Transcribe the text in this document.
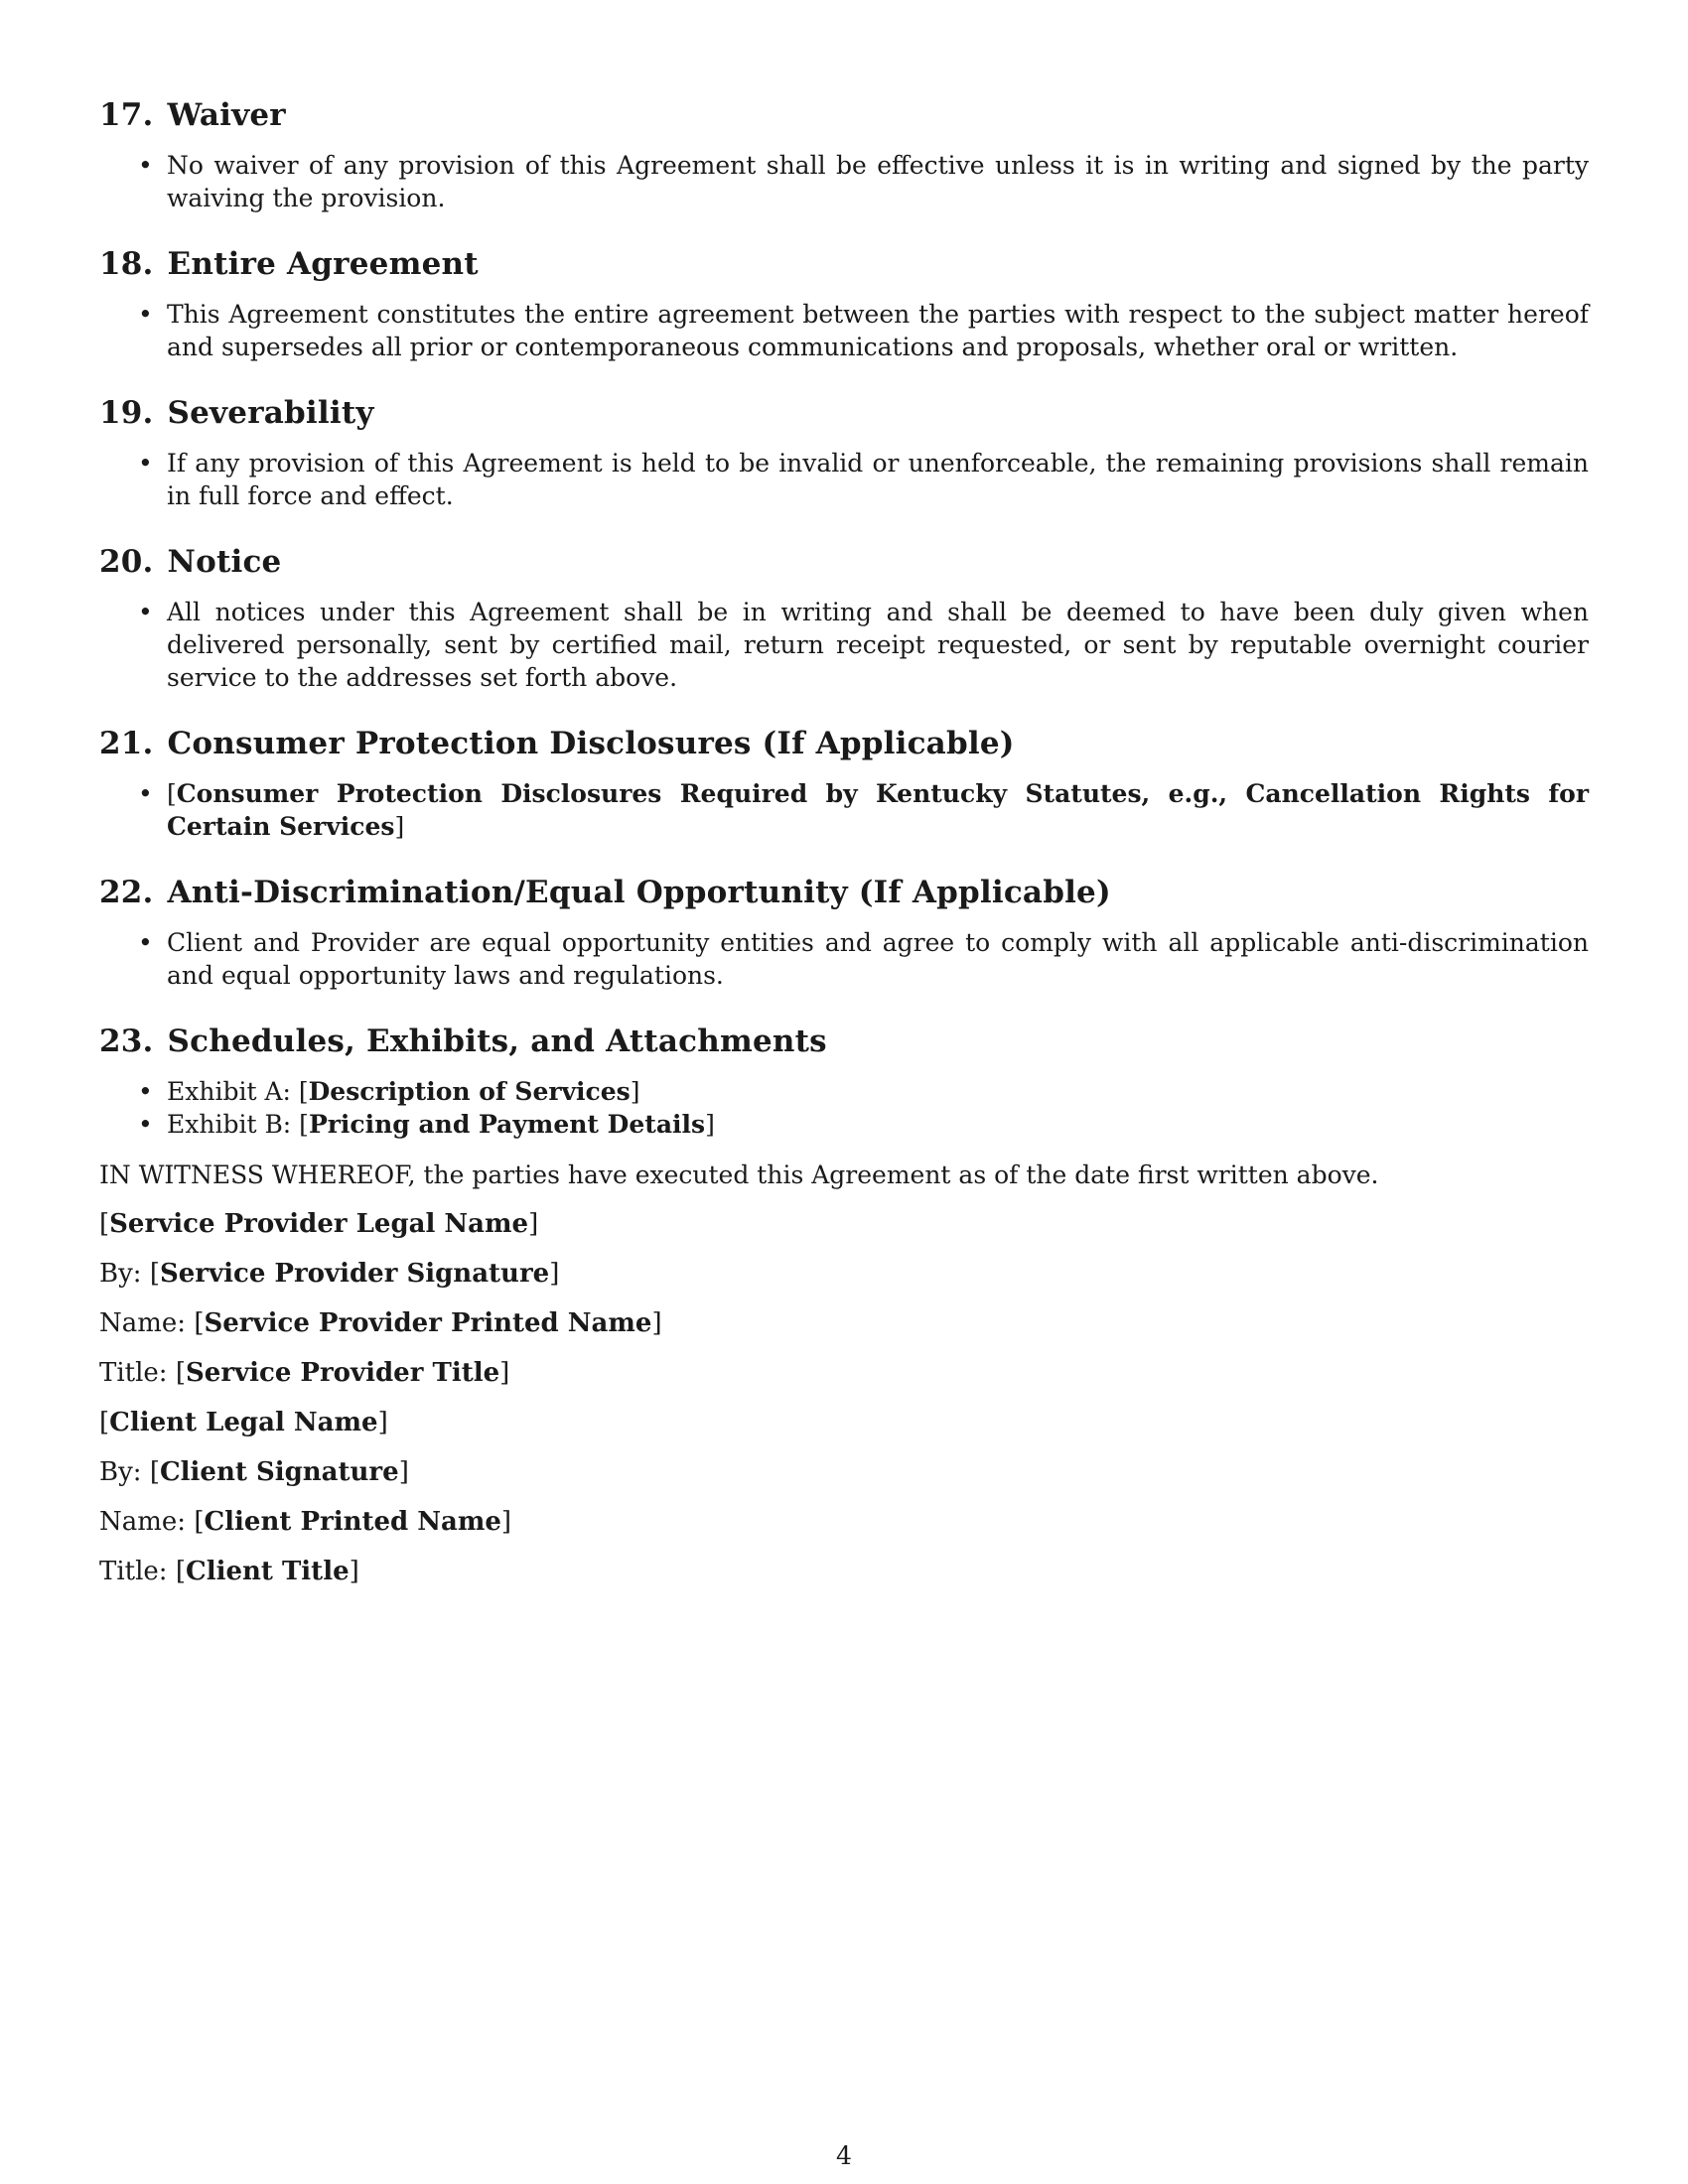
17. Waiver
• No waiver of any provision of this Agreement shall be effective unless it is in writing and signed by the party waiving the provision.
18. Entire Agreement
• This Agreement constitutes the entire agreement between the parties with respect to the subject matter hereof and supersedes all prior or contemporaneous communications and proposals, whether oral or written.
19. Severability
• If any provision of this Agreement is held to be invalid or unenforceable, the remaining provisions shall remain in full force and effect.
20. Notice
• All notices under this Agreement shall be in writing and shall be deemed to have been duly given when delivered personally, sent by certified mail, return receipt requested, or sent by reputable overnight courier service to the addresses set forth above.
21. Consumer Protection Disclosures (If Applicable)
• [Consumer Protection Disclosures Required by Kentucky Statutes, e.g., Cancellation Rights for Certain Services]
22. Anti-Discrimination/Equal Opportunity (If Applicable)
• Client and Provider are equal opportunity entities and agree to comply with all applicable anti-discrimination and equal opportunity laws and regulations.
23. Schedules, Exhibits, and Attachments
• Exhibit A: [Description of Services]
• Exhibit B: [Pricing and Payment Details]

IN WITNESS WHEREOF, the parties have executed this Agreement as of the date first written above.

[Service Provider Legal Name]

By: [Service Provider Signature]

Name: [Service Provider Printed Name]

Title: [Service Provider Title]

[Client Legal Name]

By: [Client Signature]

Name: [Client Printed Name]

Title: [Client Title]

4
